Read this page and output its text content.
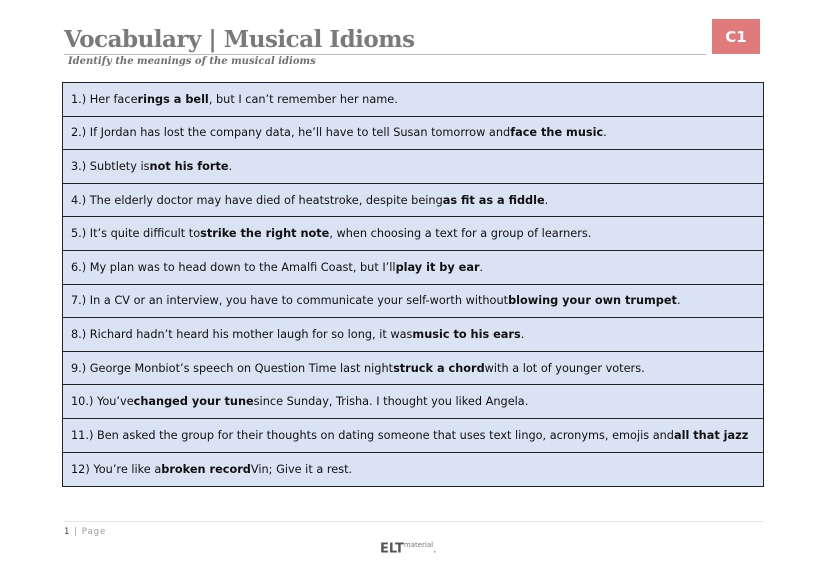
Vocabulary | Musical Idioms
Identify the meanings of the musical idioms
C1
1.) Her face rings a bell , but I can’t remember her name.
2.) If Jordan has lost the company data, he’ll have to tell Susan tomorrow and face the music .
3.) Subtlety is not his forte .
4.) The elderly doctor may have died of heatstroke, despite being as fit as a fiddle .
5.) It’s quite difficult to strike the right note , when choosing a text for a group of learners.
6.) My plan was to head down to the Amalfi Coast, but I’ll play it by ear .
7.) In a CV or an interview, you have to communicate your self-worth without blowing your own trumpet .
8.) Richard hadn’t heard his mother laugh for so long, it was music to his ears .
9.) George Monbiot’s speech on Question Time last night struck a chord with a lot of younger voters.
10.) You’ve changed your tune since Sunday, Trisha. I thought you liked Angela.
11.) Ben asked the group for their thoughts on dating someone that uses text lingo, acronyms, emojis and all that jazz
12) You’re like a broken record Vin; Give it a rest.
1 | Page
$ELT^{material}$.
